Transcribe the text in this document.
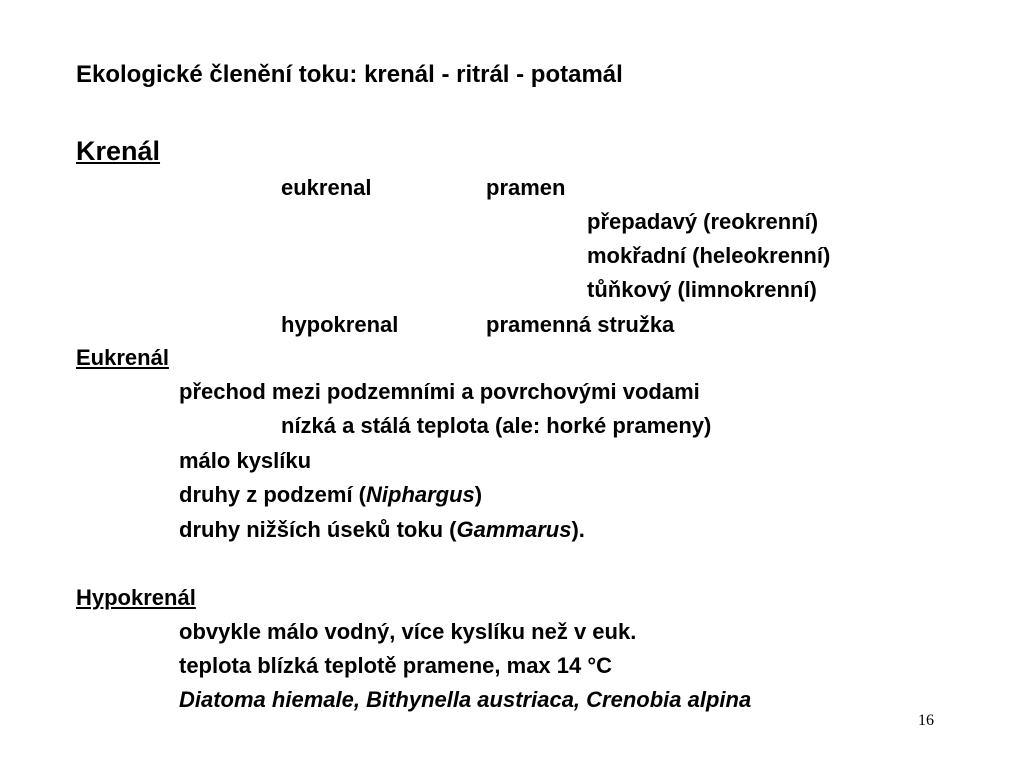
Ekologické členění toku: krenál - ritrál - potamál
Krenál
eukrenal	pramen
přepadavý (reokrenní)
mokřadní (heleokrenní)
tůňkový (limnokrenní)
hypokrenal	pramenná stružka
Eukrenál
přechod mezi podzemními a povrchovými vodami
nízká a stálá teplota (ale: horké prameny)
málo kyslíku
druhy z podzemí (Niphargus)
druhy nižších úseků toku (Gammarus).
Hypokrenál
obvykle málo vodný, více kyslíku než v euk.
teplota blízká teplotě pramene, max 14 °C
Diatoma hiemale, Bithynella austriaca, Crenobia alpina
16
